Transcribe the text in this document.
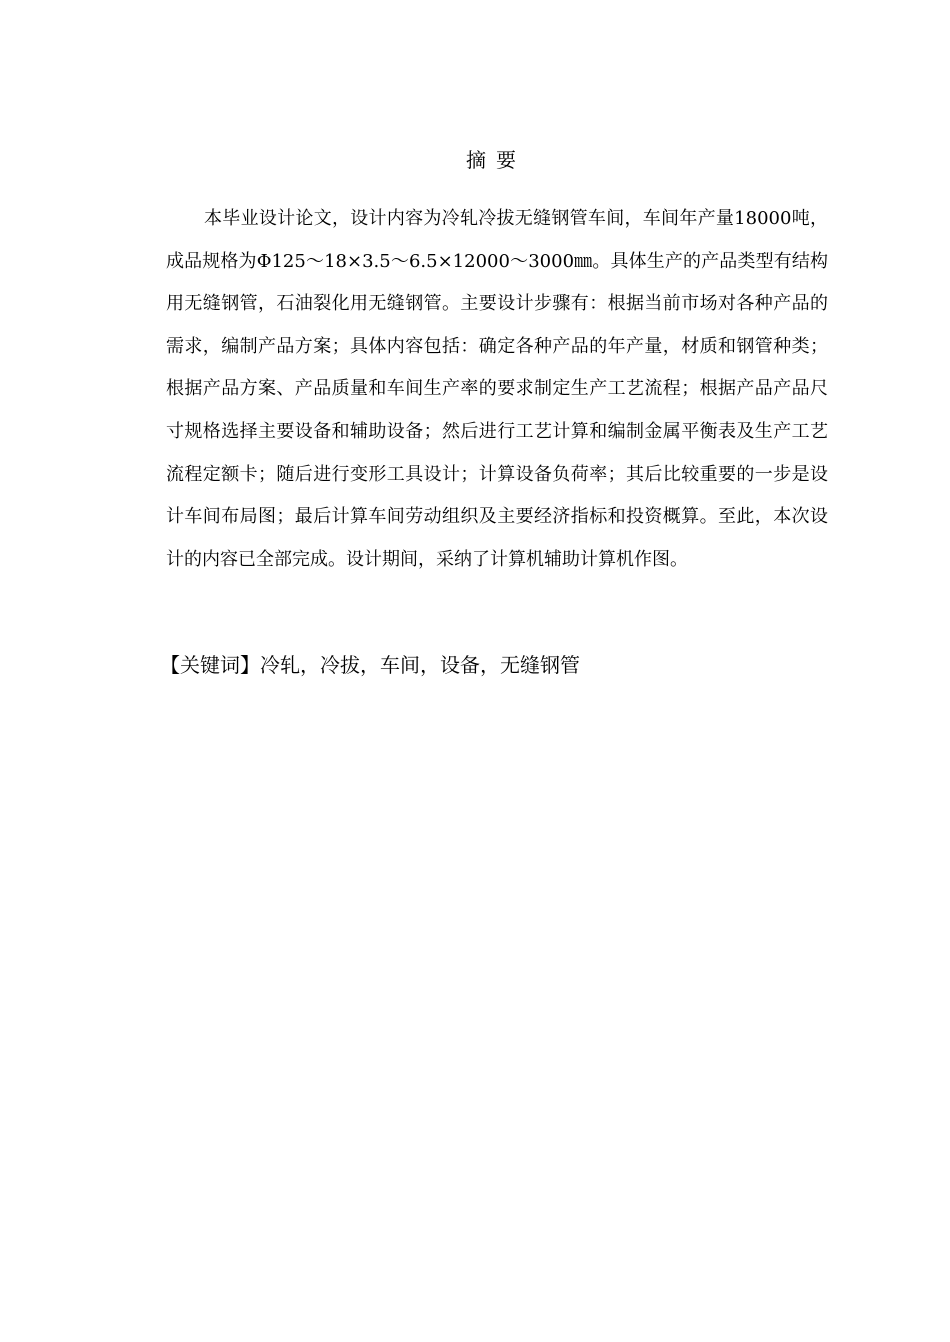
摘要

本毕业设计论文，设计内容为冷轧冷拔无缝钢管车间，车间年产量18000吨，成品规格为Φ125～18×3.5～6.5×12000～3000㎜。具体生产的产品类型有结构用无缝钢管，石油裂化用无缝钢管。主要设计步骤有：根据当前市场对各种产品的需求，编制产品方案；具体内容包括：确定各种产品的年产量，材质和钢管种类；根据产品方案、产品质量和车间生产率的要求制定生产工艺流程；根据产品产品尺寸规格选择主要设备和辅助设备；然后进行工艺计算和编制金属平衡表及生产工艺流程定额卡；随后进行变形工具设计；计算设备负荷率；其后比较重要的一步是设计车间布局图；最后计算车间劳动组织及主要经济指标和投资概算。至此，本次设计的内容已全部完成。设计期间，采纳了计算机辅助计算机作图。

【关键词】冷轧，冷拔，车间，设备，无缝钢管
